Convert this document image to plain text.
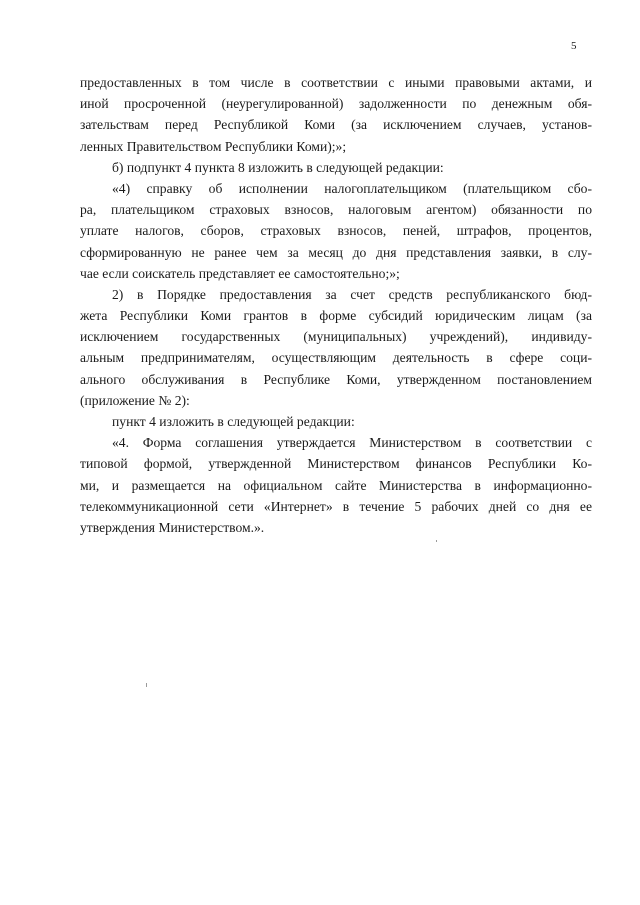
5
предоставленных в том числе в соответствии с иными правовыми актами, и
иной просроченной (неурегулированной) задолженности по денежным обя-
зательствам перед Республикой Коми (за исключением случаев, установ-
ленных Правительством Республики Коми);»;
б) подпункт 4 пункта 8 изложить в следующей редакции:
«4) справку об исполнении налогоплательщиком (плательщиком сбо-
ра, плательщиком страховых взносов, налоговым агентом) обязанности по
уплате налогов, сборов, страховых взносов, пеней, штрафов, процентов,
сформированную не ранее чем за месяц до дня представления заявки, в слу-
чае если соискатель представляет ее самостоятельно;»;
2) в Порядке предоставления за счет средств республиканского бюд-
жета Республики Коми грантов в форме субсидий юридическим лицам (за
исключением государственных (муниципальных) учреждений), индивиду-
альным предпринимателям, осуществляющим деятельность в сфере соци-
ального обслуживания в Республике Коми, утвержденном постановлением
(приложение № 2):
пункт 4 изложить в следующей редакции:
«4. Форма соглашения утверждается Министерством в соответствии с
типовой формой, утвержденной Министерством финансов Республики Ко-
ми, и размещается на официальном сайте Министерства в информационно-
телекоммуникационной сети «Интернет» в течение 5 рабочих дней со дня ее
утверждения Министерством.».
